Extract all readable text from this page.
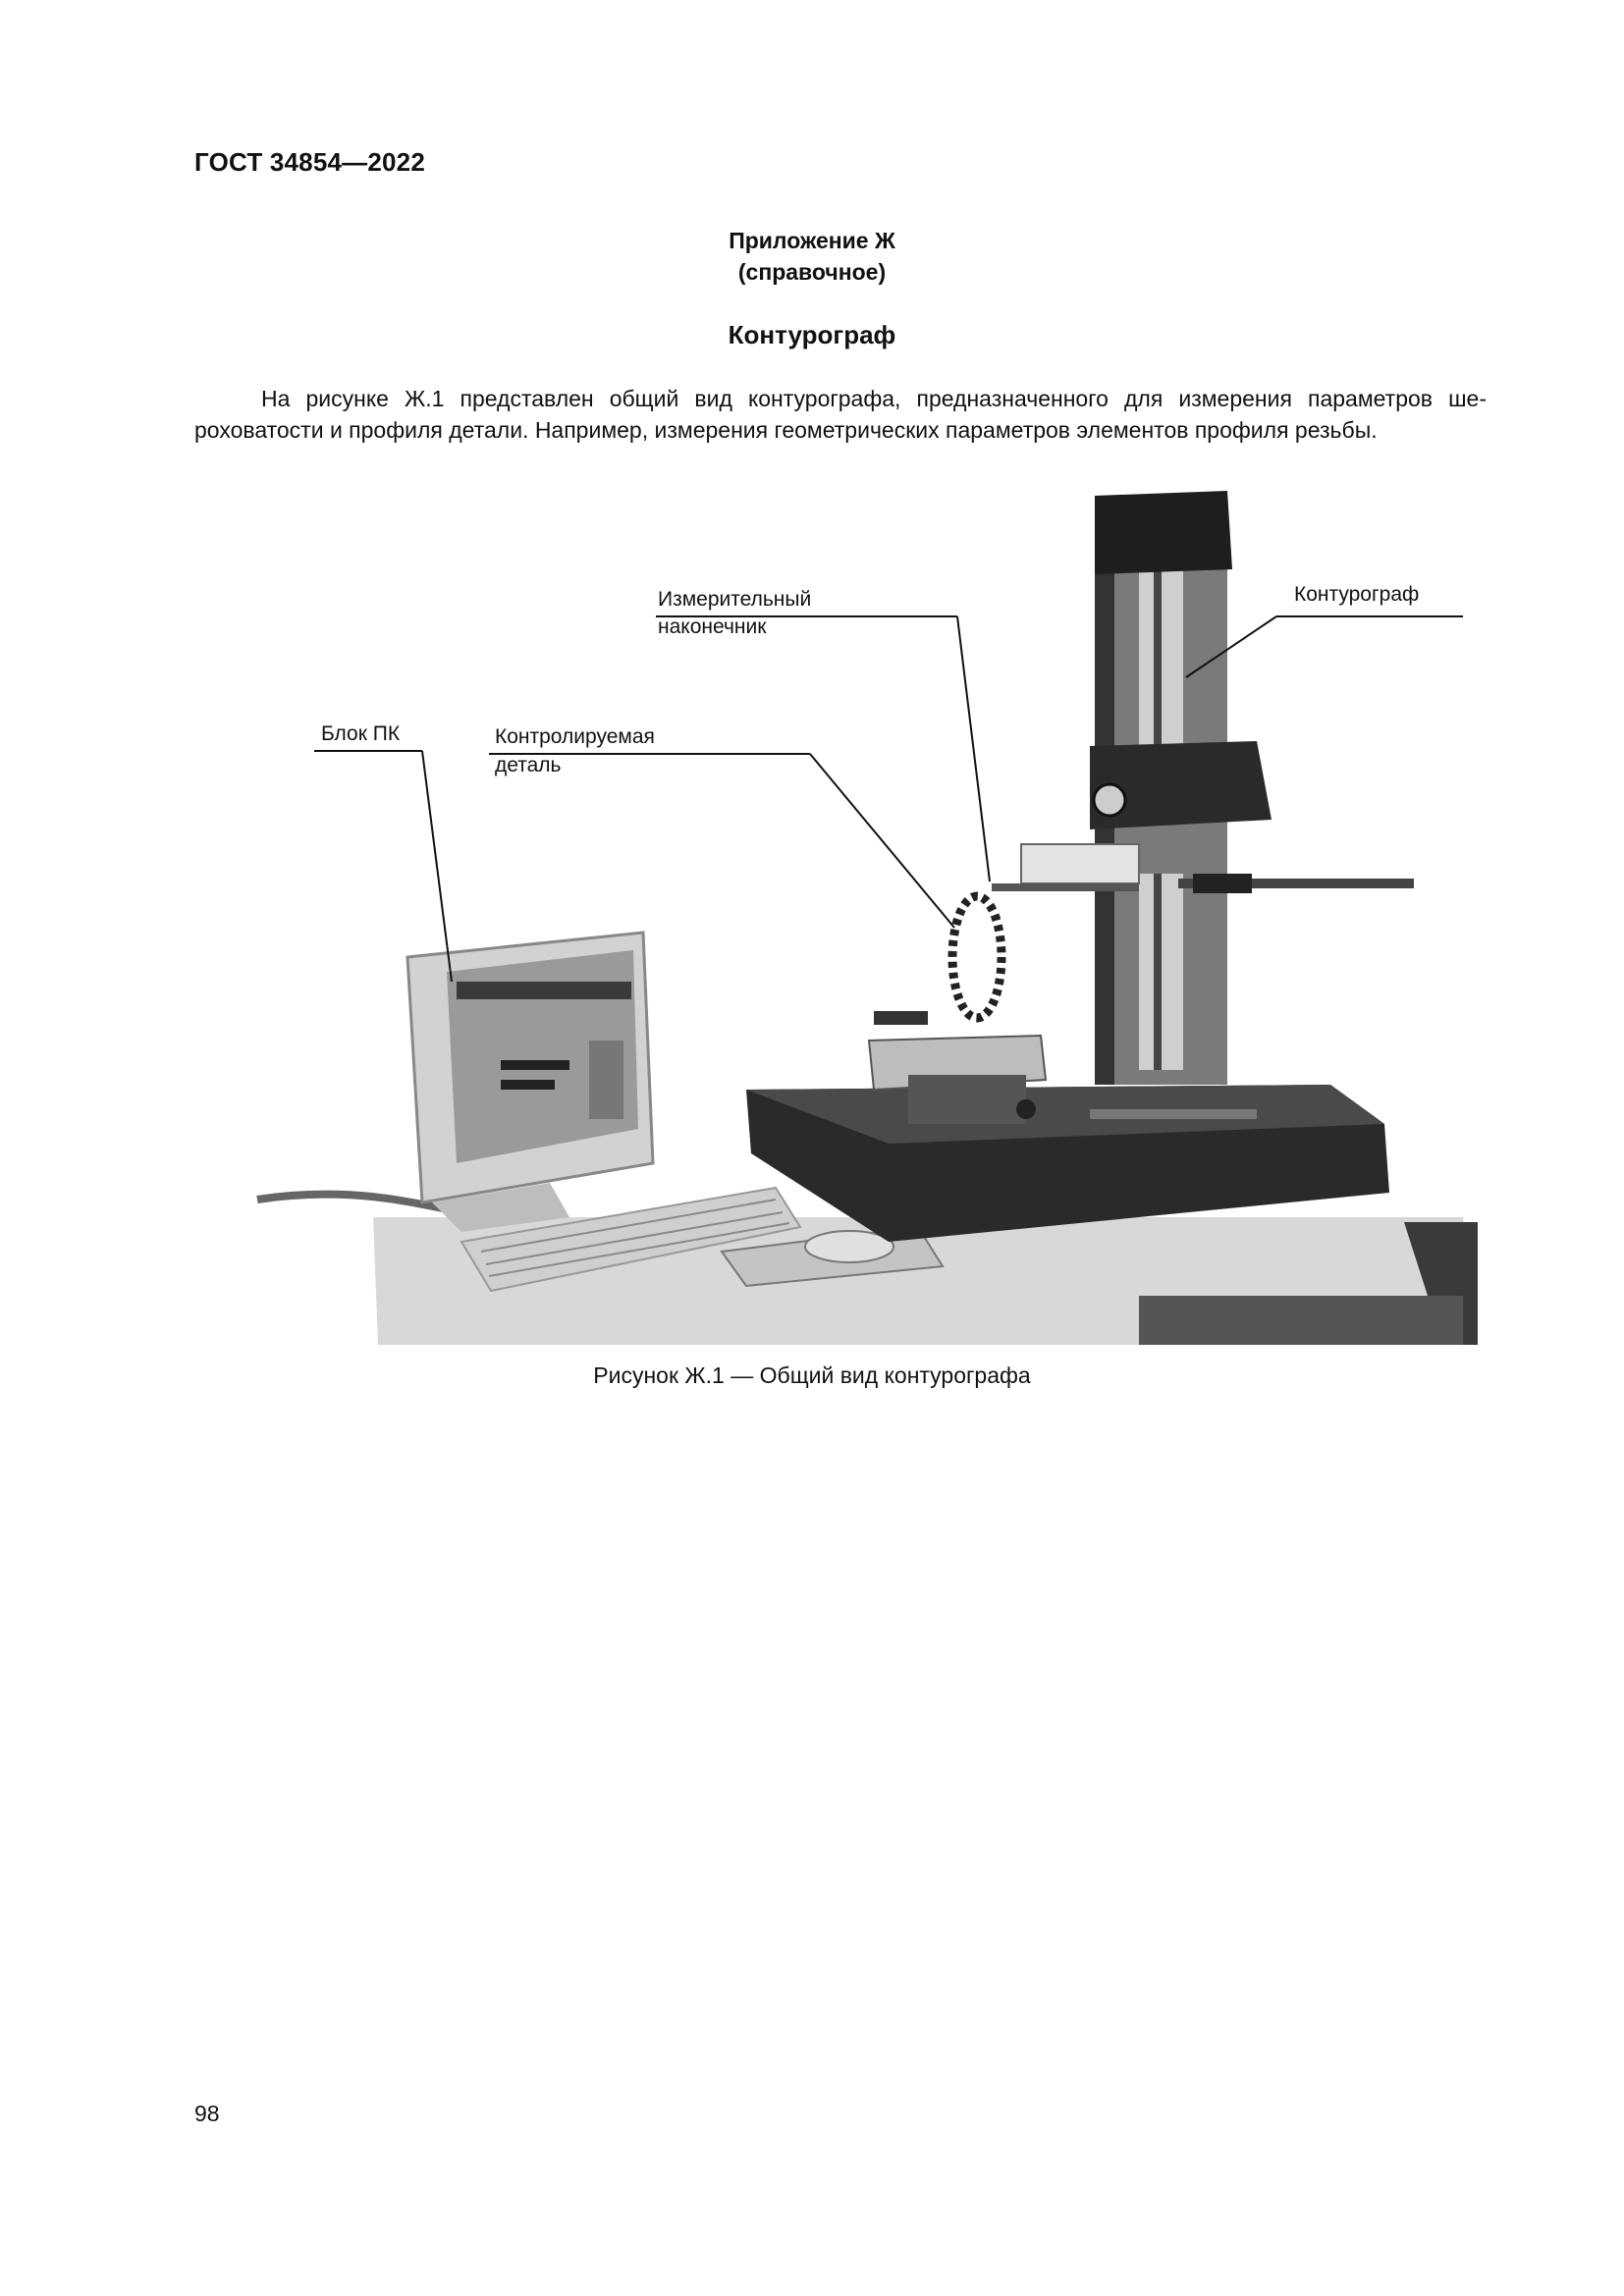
ГОСТ 34854—2022
Приложение Ж
(справочное)
Контурограф
На рисунке Ж.1 представлен общий вид контурографа, предназначенного для измерения параметров ше-
роховатости и профиля детали. Например, измерения геометрических параметров элементов профиля резьбы.
Измерительный
наконечник
Контурограф
Блок ПК	Контролируемая
деталь
Рисунок Ж.1 — Общий вид контурографа
98
